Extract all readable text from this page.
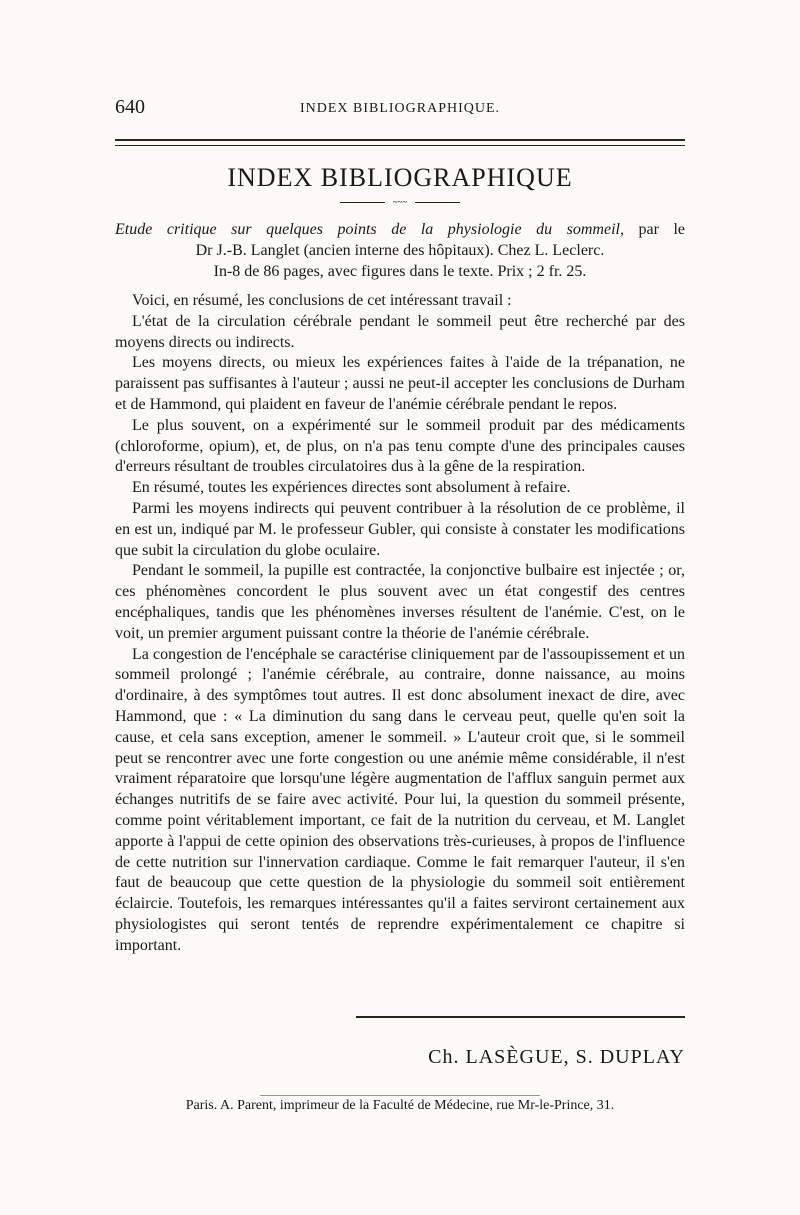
640	INDEX BIBLIOGRAPHIQUE.
INDEX BIBLIOGRAPHIQUE
~~~

Etude critique sur quelques points de la physiologie du sommeil, par le

Dr J.-B. Langlet (ancien interne des hôpitaux). Chez L. Leclerc.

In-8 de 86 pages, avec figures dans le texte. Prix ; 2 fr. 25.

Voici, en résumé, les conclusions de cet intéressant travail :

L'état de la circulation cérébrale pendant le sommeil peut être recherché par des moyens directs ou indirects.

Les moyens directs, ou mieux les expériences faites à l'aide de la trépanation, ne paraissent pas suffisantes à l'auteur ; aussi ne peut-il accepter les conclusions de Durham et de Hammond, qui plaident en faveur de l'anémie cérébrale pendant le repos.

Le plus souvent, on a expérimenté sur le sommeil produit par des médicaments (chloroforme, opium), et, de plus, on n'a pas tenu compte d'une des principales causes d'erreurs résultant de troubles circulatoires dus à la gêne de la respiration.

En résumé, toutes les expériences directes sont absolument à refaire.

Parmi les moyens indirects qui peuvent contribuer à la résolution de ce problème, il en est un, indiqué par M. le professeur Gubler, qui consiste à constater les modifications que subit la circulation du globe oculaire.

Pendant le sommeil, la pupille est contractée, la conjonctive bulbaire est injectée ; or, ces phénomènes concordent le plus souvent avec un état congestif des centres encéphaliques, tandis que les phénomènes inverses résultent de l'anémie. C'est, on le voit, un premier argument puissant contre la théorie de l'anémie cérébrale.

La congestion de l'encéphale se caractérise cliniquement par de l'assoupissement et un sommeil prolongé ; l'anémie cérébrale, au contraire, donne naissance, au moins d'ordinaire, à des symptômes tout autres. Il est donc absolument inexact de dire, avec Hammond, que : « La diminution du sang dans le cerveau peut, quelle qu'en soit la cause, et cela sans exception, amener le sommeil. » L'auteur croit que, si le sommeil peut se rencontrer avec une forte congestion ou une anémie même considérable, il n'est vraiment réparatoire que lorsqu'une légère augmentation de l'afflux sanguin permet aux échanges nutritifs de se faire avec activité. Pour lui, la question du sommeil présente, comme point véritablement important, ce fait de la nutrition du cerveau, et M. Langlet apporte à l'appui de cette opinion des observations très-curieuses, à propos de l'influence de cette nutrition sur l'innervation cardiaque. Comme le fait remarquer l'auteur, il s'en faut de beaucoup que cette question de la physiologie du sommeil soit entièrement éclaircie. Toutefois, les remarques intéressantes qu'il a faites serviront certainement aux physiologistes qui seront tentés de reprendre expérimentalement ce chapitre si important.

Ch. LASÈGUE, S. DUPLAY
Paris. A. Parent, imprimeur de la Faculté de Médecine, rue Mr-le-Prince, 31.
